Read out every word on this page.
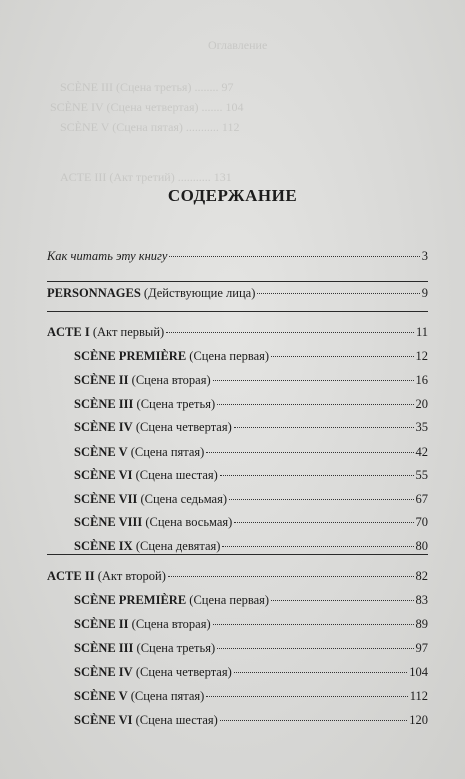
Оглавление
SCÈNE III (Сцена третья) ........ 97
SCÈNE IV (Сцена четвертая) ....... 104
SCÈNE V (Сцена пятая) ........... 112
ACTE III (Акт третий) ........... 131
СОДЕРЖАНИЕ
Как читать эту книгу	3
PERSONNAGES (Действующие лица)	9
ACTE I (Акт первый)	11
SCÈNE PREMIÈRE (Сцена первая)	12
SCÈNE II (Сцена вторая)	16
SCÈNE III (Сцена третья)	20
SCÈNE IV (Сцена четвертая)	35
SCÈNE V (Сцена пятая)	42
SCÈNE VI (Сцена шестая)	55
SCÈNE VII (Сцена седьмая)	67
SCÈNE VIII (Сцена восьмая)	70
SCÈNE IX (Сцена девятая)	80
ACTE II (Акт второй)	82
SCÈNE PREMIÈRE (Сцена первая)	83
SCÈNE II (Сцена вторая)	89
SCÈNE III (Сцена третья)	97
SCÈNE IV (Сцена четвертая)	104
SCÈNE V (Сцена пятая)	112
SCÈNE VI (Сцена шестая)	120
